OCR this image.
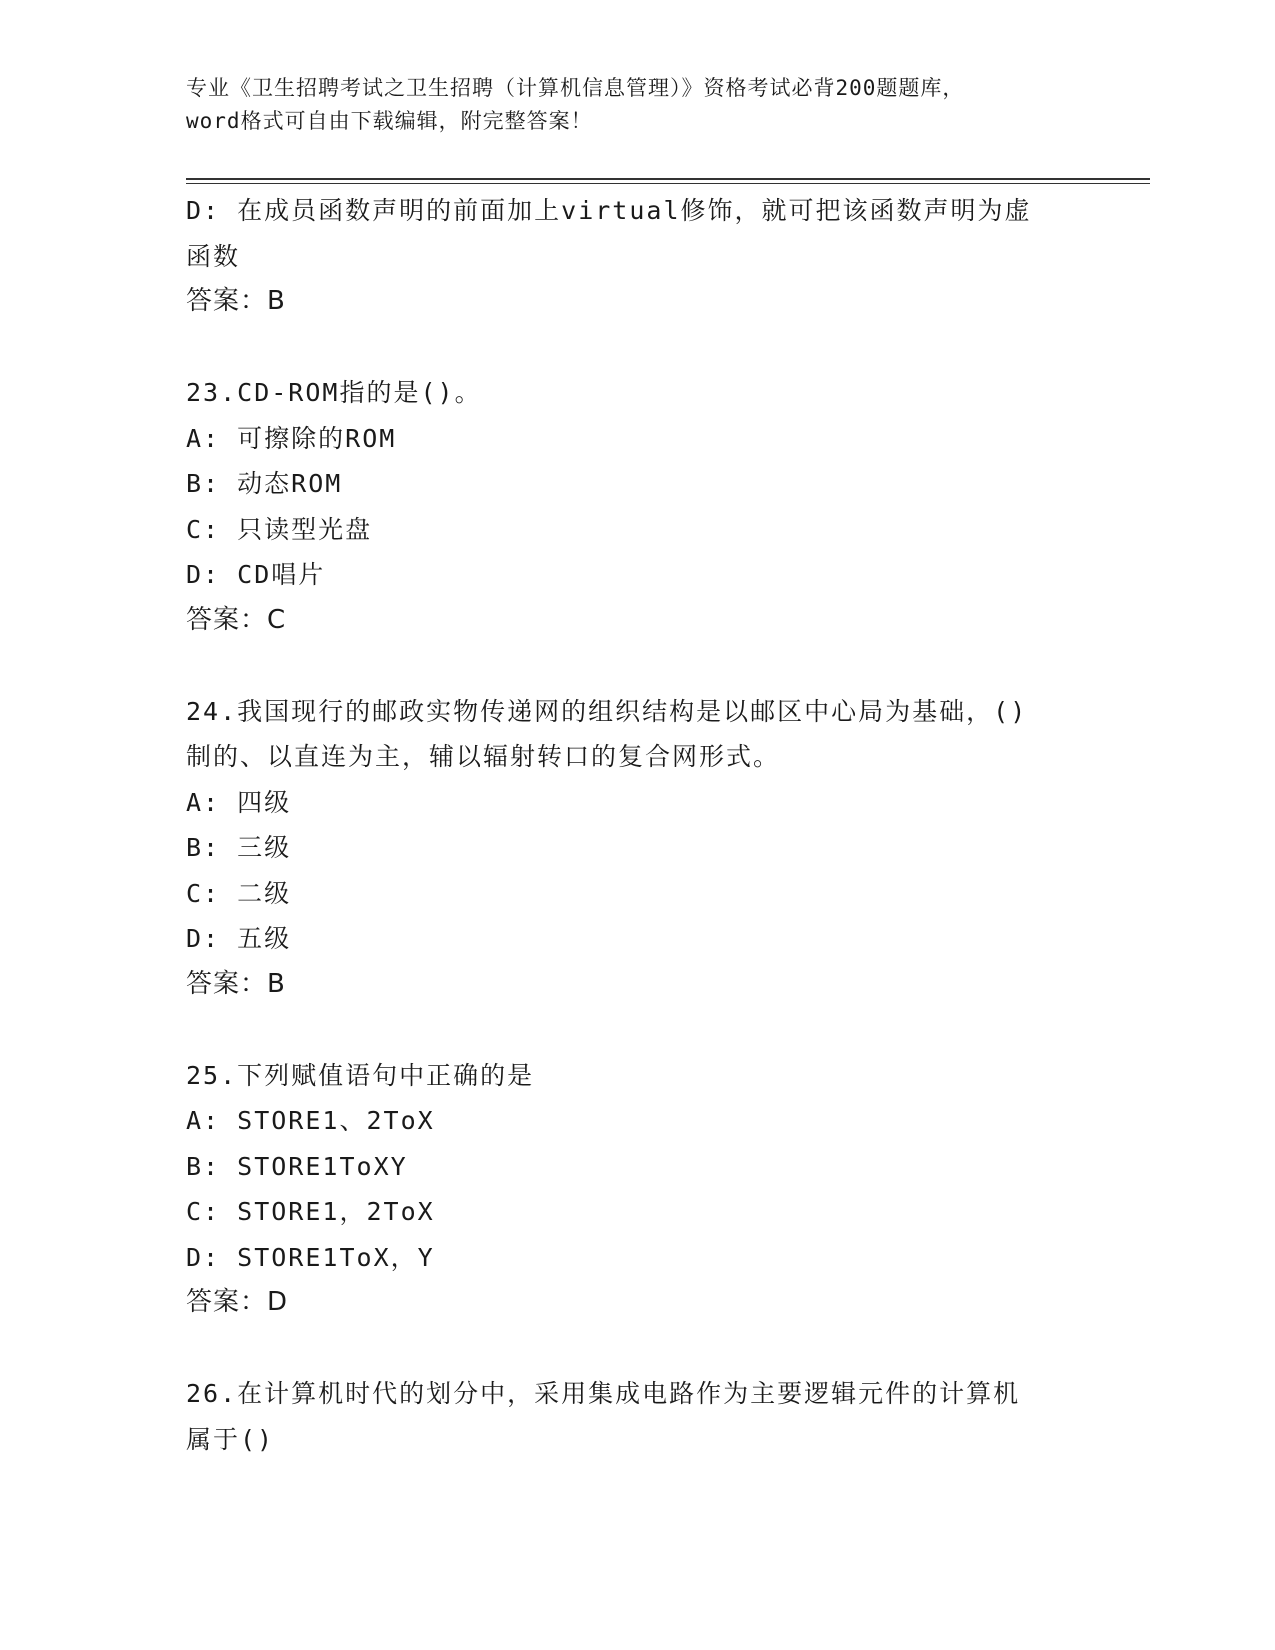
专业《卫生招聘考试之卫生招聘（计算机信息管理）》资格考试必背200题题库，
word格式可自由下载编辑，附完整答案！
D: 在成员函数声明的前面加上virtual修饰，就可把该函数声明为虚
函数
答案：B
23.CD-ROM指的是()。
A: 可擦除的ROM
B: 动态ROM
C: 只读型光盘
D: CD唱片
答案：C
24.我国现行的邮政实物传递网的组织结构是以邮区中心局为基础，()
制的、以直连为主，辅以辐射转口的复合网形式。
A: 四级
B: 三级
C: 二级
D: 五级
答案：B
25.下列赋值语句中正确的是
A: STORE1、2ToX
B: STORE1ToXY
C: STORE1，2ToX
D: STORE1ToX，Y
答案：D
26.在计算机时代的划分中，采用集成电路作为主要逻辑元件的计算机
属于()
